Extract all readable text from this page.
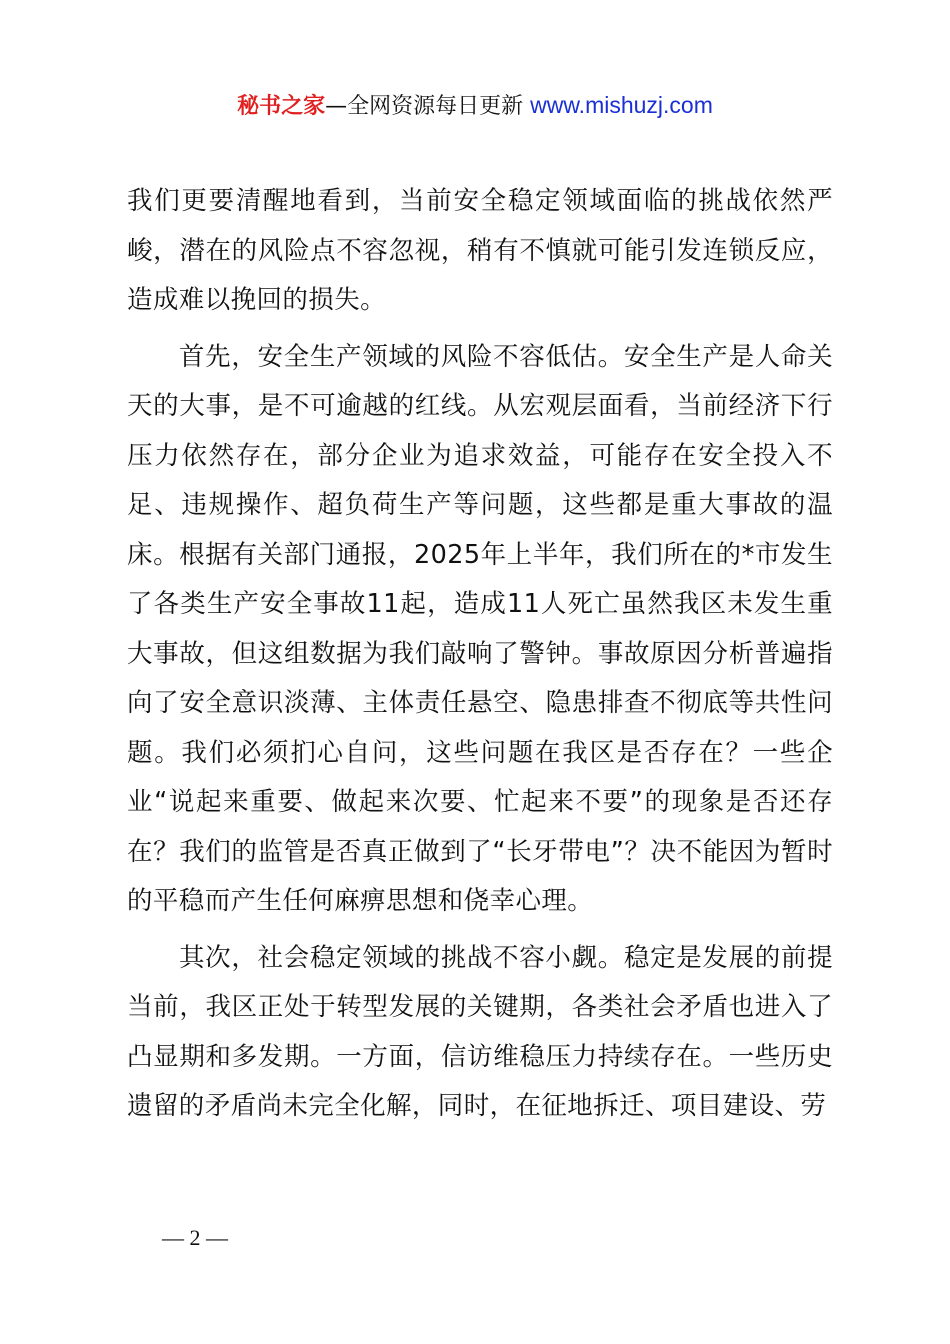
秘书之家—全网资源每日更新 www.mishuzj.com

我们更要清醒地看到，当前安全稳定领域面临的挑战依然严峻，潜在的风险点不容忽视，稍有不慎就可能引发连锁反应，造成难以挽回的损失。

首先，安全生产领域的风险不容低估。安全生产是人命关天的大事，是不可逾越的红线。从宏观层面看，当前经济下行压力依然存在，部分企业为追求效益，可能存在安全投入不足、违规操作、超负荷生产等问题，这些都是重大事故的温床。根据有关部门通报，2025年上半年，我们所在的*市发生了各类生产安全事故11起，造成11人死亡虽然我区未发生重大事故，但这组数据为我们敲响了警钟。事故原因分析普遍指向了安全意识淡薄、主体责任悬空、隐患排查不彻底等共性问题。我们必须扪心自问，这些问题在我区是否存在？一些企业“说起来重要、做起来次要、忙起来不要”的现象是否还存在？我们的监管是否真正做到了“长牙带电”？决不能因为暂时的平稳而产生任何麻痹思想和侥幸心理。

其次，社会稳定领域的挑战不容小觑。稳定是发展的前提当前，我区正处于转型发展的关键期，各类社会矛盾也进入了凸显期和多发期。一方面，信访维稳压力持续存在。一些历史遗留的矛盾尚未完全化解，同时，在征地拆迁、项目建设、劳

— 2 —
